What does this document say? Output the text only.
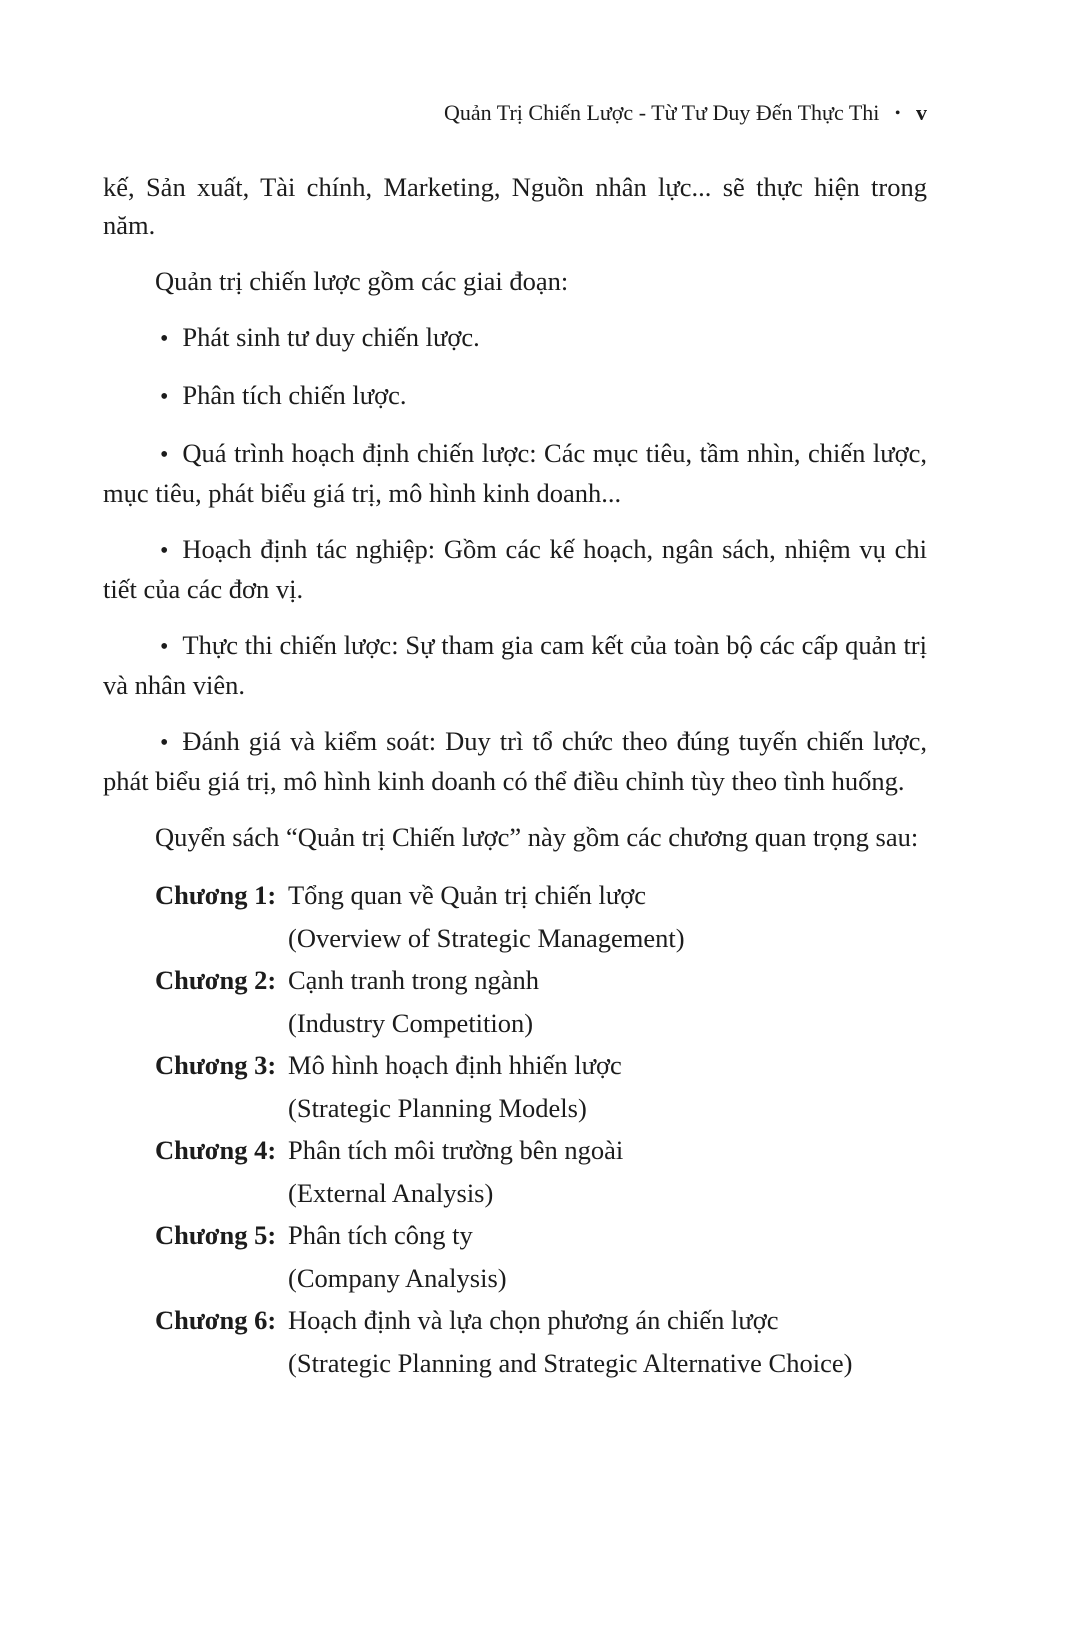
Quản Trị Chiến Lược - Từ Tư Duy Đến Thực Thi • v

kế, Sản xuất, Tài chính, Marketing, Nguồn nhân lực... sẽ thực hiện trong năm.

Quản trị chiến lược gồm các giai đoạn:

• Phát sinh tư duy chiến lược.

• Phân tích chiến lược.

• Quá trình hoạch định chiến lược: Các mục tiêu, tầm nhìn, chiến lược, mục tiêu, phát biểu giá trị, mô hình kinh doanh...

• Hoạch định tác nghiệp: Gồm các kế hoạch, ngân sách, nhiệm vụ chi tiết của các đơn vị.

• Thực thi chiến lược: Sự tham gia cam kết của toàn bộ các cấp quản trị và nhân viên.

• Đánh giá và kiểm soát: Duy trì tổ chức theo đúng tuyến chiến lược, phát biểu giá trị, mô hình kinh doanh có thể điều chỉnh tùy theo tình huống.

Quyển sách “Quản trị Chiến lược” này gồm các chương quan trọng sau:

Chương 1: Tổng quan về Quản trị chiến lược
(Overview of Strategic Management)
Chương 2: Cạnh tranh trong ngành
(Industry Competition)
Chương 3: Mô hình hoạch định hhiến lược
(Strategic Planning Models)
Chương 4: Phân tích môi trường bên ngoài
(External Analysis)
Chương 5: Phân tích công ty
(Company Analysis)
Chương 6: Hoạch định và lựa chọn phương án chiến lược
(Strategic Planning and Strategic Alternative Choice)
